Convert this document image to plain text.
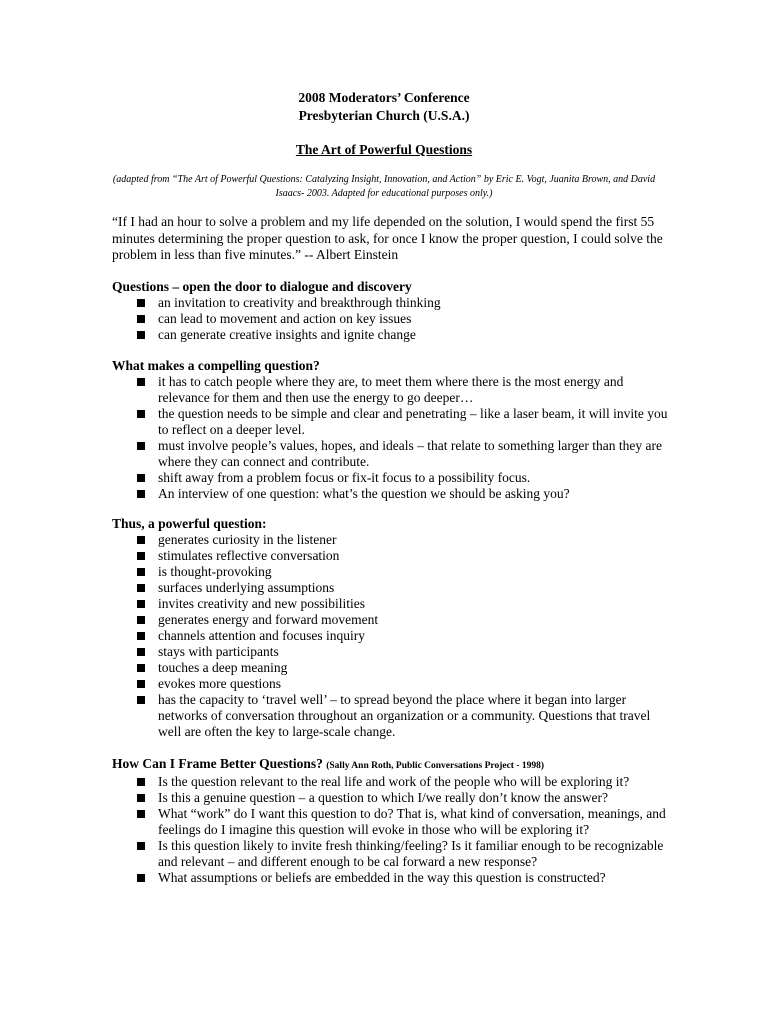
2008 Moderators’ Conference
Presbyterian Church (U.S.A.)
The Art of Powerful Questions
(adapted from “The Art of Powerful Questions: Catalyzing Insight, Innovation, and Action” by Eric E. Vogt, Juanita Brown, and David Isaacs- 2003. Adapted for educational purposes only.)
“If I had an hour to solve a problem and my life depended on the solution, I would spend the first 55 minutes determining the proper question to ask, for once I know the proper question, I could solve the problem in less than five minutes.” -- Albert Einstein
Questions – open the door to dialogue and discovery
an invitation to creativity and breakthrough thinking
can lead to movement and action on key issues
can generate creative insights and ignite change
What makes a compelling question?
it has to catch people where they are, to meet them where there is the most energy and relevance for them and then use the energy to go deeper…
the question needs to be simple and clear and penetrating – like a laser beam, it will invite you to reflect on a deeper level.
must involve people’s values, hopes, and ideals – that relate to something larger than they are where they can connect and contribute.
shift away from a problem focus or fix-it focus to a possibility focus.
An interview of one question: what’s the question we should be asking you?
Thus, a powerful question:
generates curiosity in the listener
stimulates reflective conversation
is thought-provoking
surfaces underlying assumptions
invites creativity and new possibilities
generates energy and forward movement
channels attention and focuses inquiry
stays with participants
touches a deep meaning
evokes more questions
has the capacity to ‘travel well’ – to spread beyond the place where it began into larger networks of conversation throughout an organization or a community. Questions that travel well are often the key to large-scale change.
How Can I Frame Better Questions? (Sally Ann Roth, Public Conversations Project - 1998)
Is the question relevant to the real life and work of the people who will be exploring it?
Is this a genuine question – a question to which I/we really don’t know the answer?
What “work” do I want this question to do? That is, what kind of conversation, meanings, and feelings do I imagine this question will evoke in those who will be exploring it?
Is this question likely to invite fresh thinking/feeling? Is it familiar enough to be recognizable and relevant – and different enough to be cal forward a new response?
What assumptions or beliefs are embedded in the way this question is constructed?
